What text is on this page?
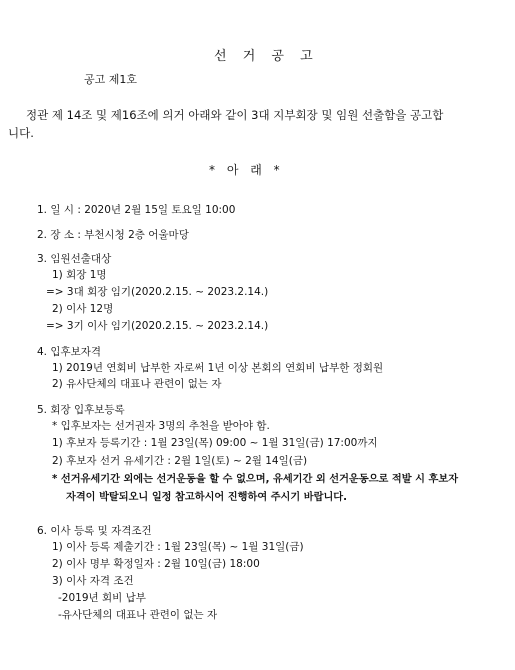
선 거 공 고
공고 제1호
정관 제 14조 및 제16조에 의거 아래와 같이 3대 지부회장 및 임원 선출함을 공고합
니다.
* 아 래 *
1. 일 시 : 2020년 2월 15일 토요일 10:00
2. 장 소 : 부천시청 2층 어울마당
3. 임원선출대상
1) 회장 1명
=> 3대 회장 임기(2020.2.15. ~ 2023.2.14.)
2) 이사 12명
=> 3기 이사 임기(2020.2.15. ~ 2023.2.14.)
4. 입후보자격
1) 2019년 연회비 납부한 자로써 1년 이상 본회의 연회비 납부한 정회원
2) 유사단체의 대표나 관련이 없는 자
5. 회장 입후보등록
* 입후보자는 선거권자 3명의 추천을 받아야 함.
1) 후보자 등록기간 : 1월 23일(목) 09:00 ~ 1월 31일(금) 17:00까지
2) 후보자 선거 유세기간 : 2월 1일(토) ~ 2월 14일(금)
* 선거유세기간 외에는 선거운동을 할 수 없으며, 유세기간 외 선거운동으로 적발 시 후보자
자격이 박탈되오니 일정 참고하시어 진행하여 주시기 바랍니다.
6. 이사 등록 및 자격조건
1) 이사 등록 제출기간 : 1월 23일(목) ~ 1월 31일(금)
2) 이사 명부 확정일자 : 2월 10일(금) 18:00
3) 이사 자격 조건
-2019년 회비 납부
-유사단체의 대표나 관련이 없는 자
